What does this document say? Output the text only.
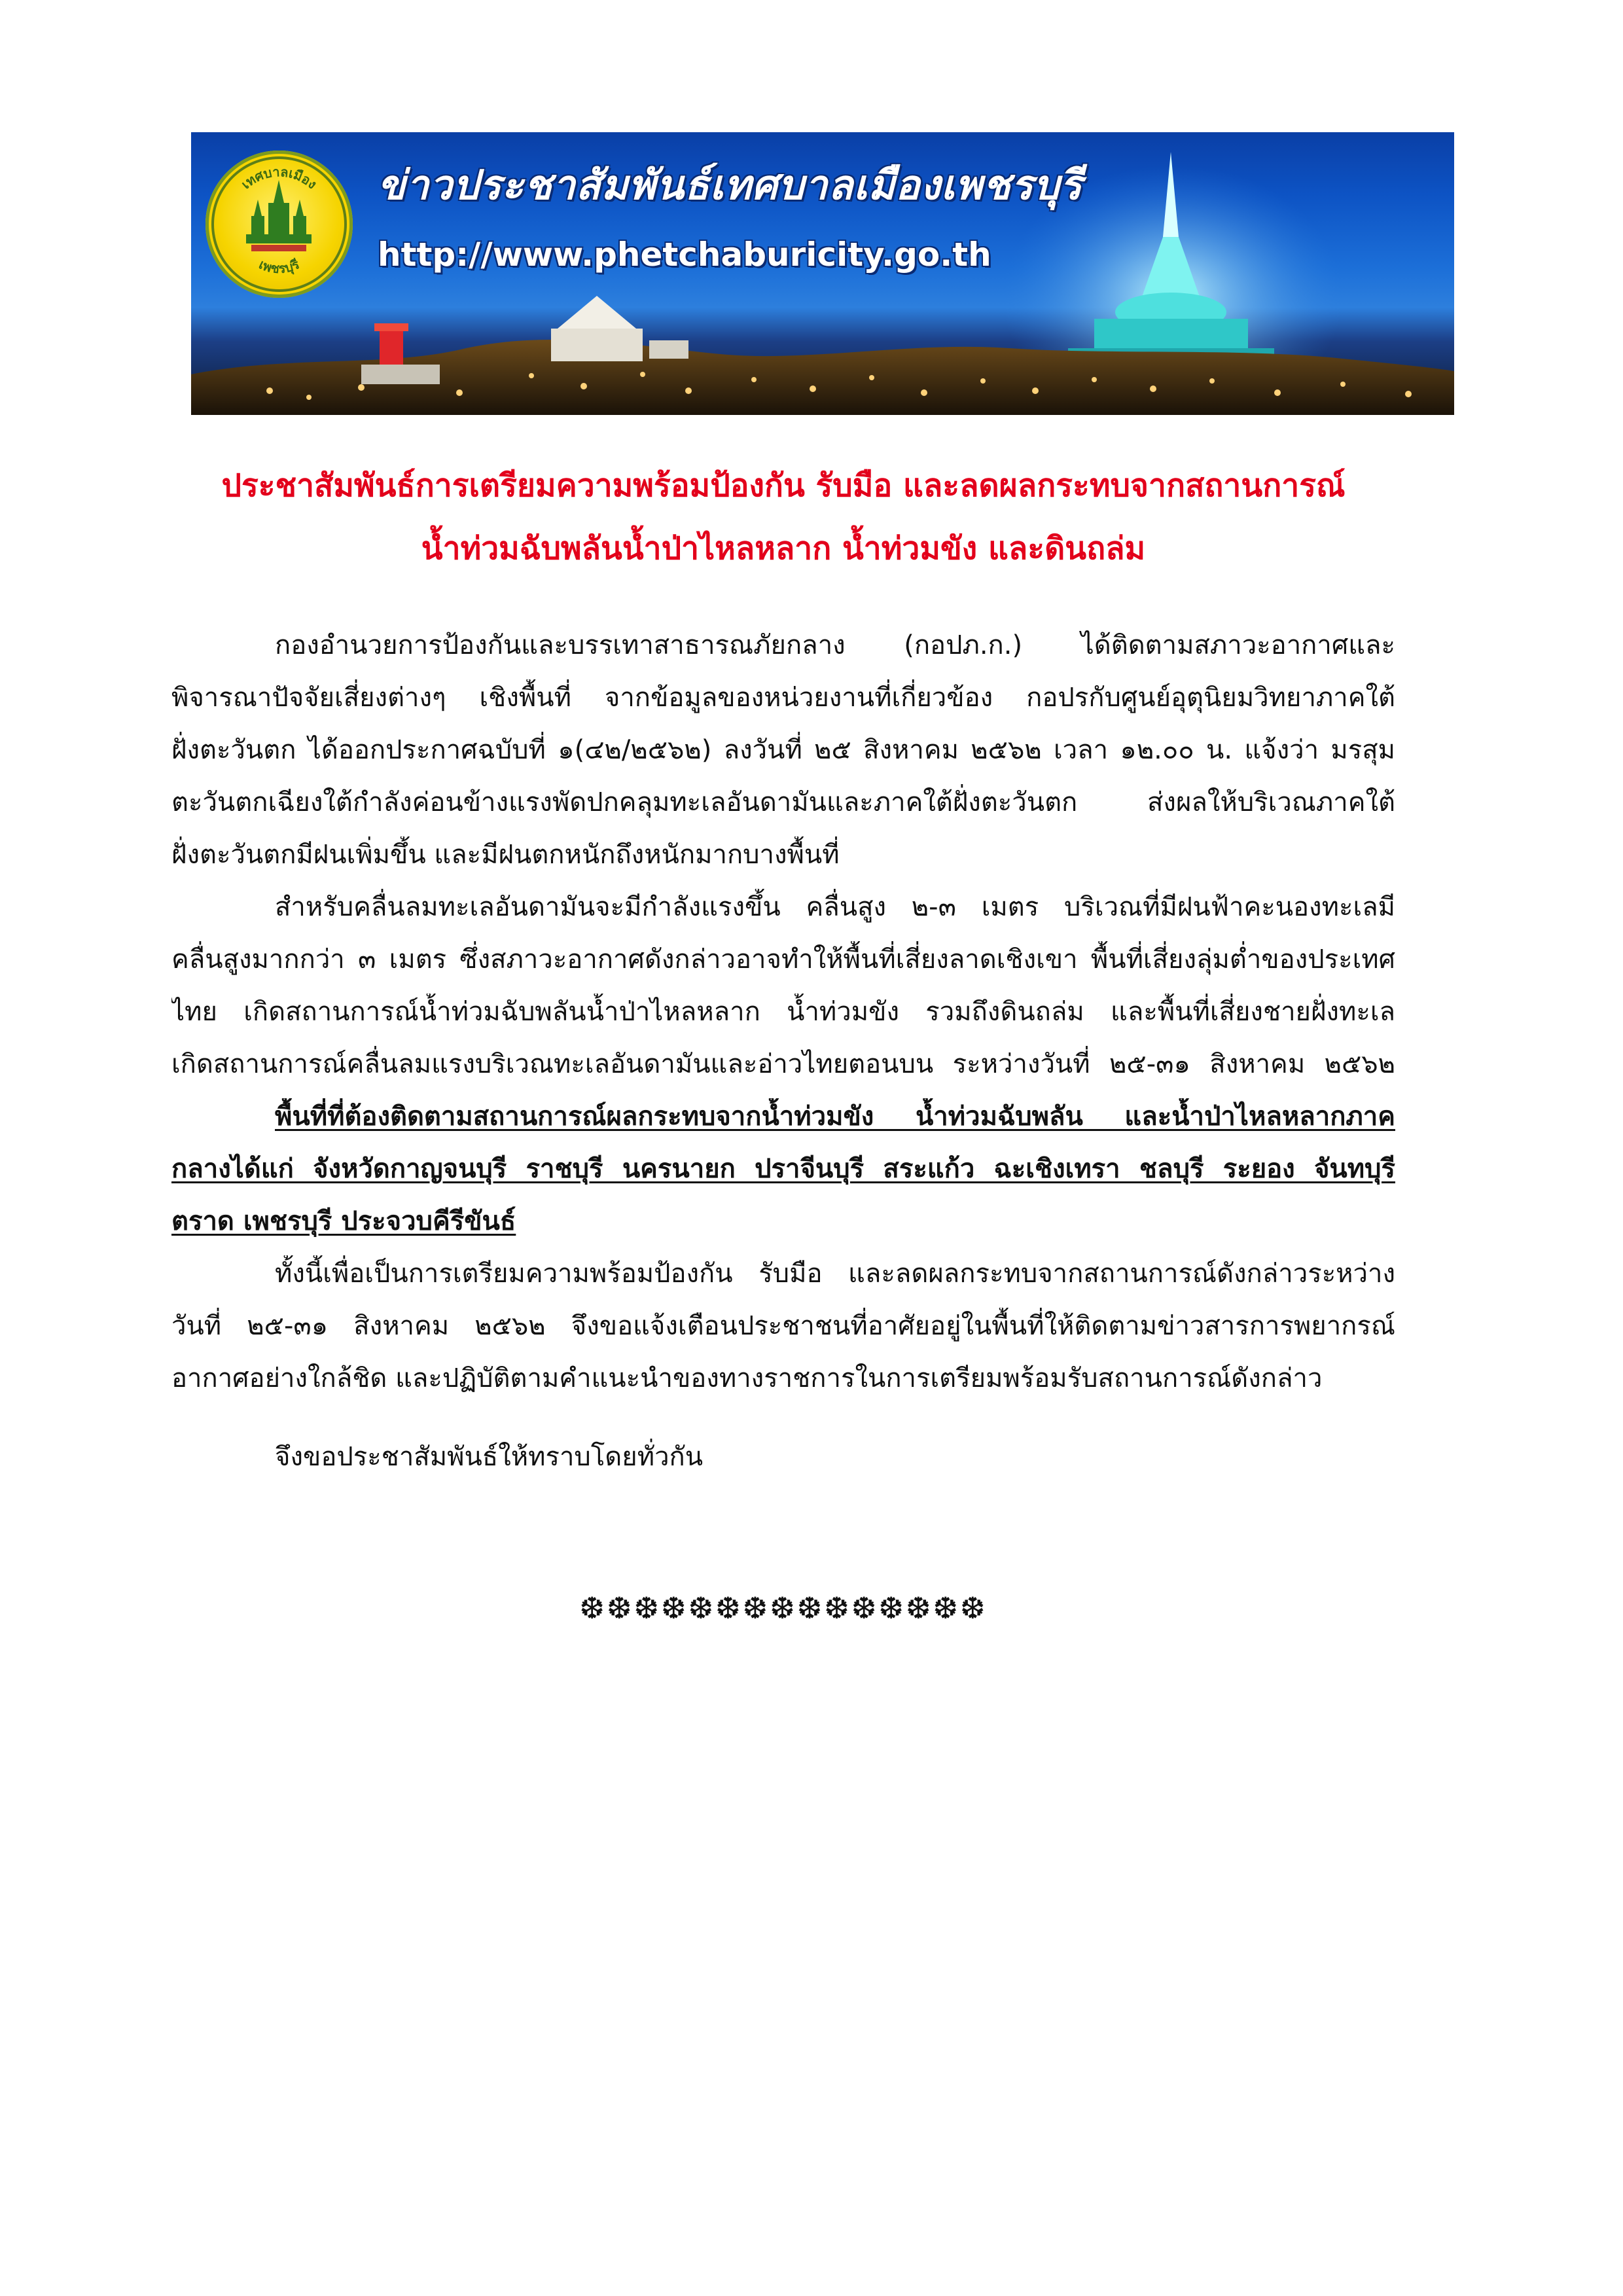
เทศบาลเมือง
เพชรบุรี

ข่าวประชาสัมพันธ์เทศบาลเมืองเพชรบุรี

http://www.phetchaburicity.go.th

ประชาสัมพันธ์การเตรียมความพร้อมป้องกัน รับมือ และลดผลกระทบจากสถานการณ์
น้ำท่วมฉับพลันน้ำป่าไหลหลาก น้ำท่วมขัง และดินถล่ม

กองอำนวยการป้องกันและบรรเทาสาธารณภัยกลาง (กอปภ.ก.) ได้ติดตามสภาวะอากาศและ

พิจารณาปัจจัยเสี่ยงต่างๆ เชิงพื้นที่ จากข้อมูลของหน่วยงานที่เกี่ยวข้อง กอปรกับศูนย์อุตุนิยมวิทยาภาคใต้

ฝั่งตะวันตก ได้ออกประกาศฉบับที่ ๑(๔๒/๒๕๖๒) ลงวันที่ ๒๕ สิงหาคม ๒๕๖๒ เวลา ๑๒.๐๐ น. แจ้งว่า มรสุม

ตะวันตกเฉียงใต้กำลังค่อนข้างแรงพัดปกคลุมทะเลอันดามันและภาคใต้ฝั่งตะวันตก ส่งผลให้บริเวณภาคใต้

ฝั่งตะวันตกมีฝนเพิ่มขึ้น และมีฝนตกหนักถึงหนักมากบางพื้นที่

สำหรับคลื่นลมทะเลอันดามันจะมีกำลังแรงขึ้น คลื่นสูง ๒-๓ เมตร บริเวณที่มีฝนฟ้าคะนองทะเลมี

คลื่นสูงมากกว่า ๓ เมตร ซึ่งสภาวะอากาศดังกล่าวอาจทำให้พื้นที่เสี่ยงลาดเชิงเขา พื้นที่เสี่ยงลุ่มต่ำของประเทศ

ไทย เกิดสถานการณ์น้ำท่วมฉับพลันน้ำป่าไหลหลาก น้ำท่วมขัง รวมถึงดินถล่ม และพื้นที่เสี่ยงชายฝั่งทะเล

เกิดสถานการณ์คลื่นลมแรงบริเวณทะเลอันดามันและอ่าวไทยตอนบน ระหว่างวันที่ ๒๕-๓๑ สิงหาคม ๒๕๖๒

พื้นที่ที่ต้องติดตามสถานการณ์ผลกระทบจากน้ำท่วมขัง น้ำท่วมฉับพลัน และน้ำป่าไหลหลากภาค

กลางได้แก่ จังหวัดกาญจนบุรี ราชบุรี นครนายก ปราจีนบุรี สระแก้ว ฉะเชิงเทรา ชลบุรี ระยอง จันทบุรี

ตราด เพชรบุรี ประจวบคีรีขันธ์

ทั้งนี้เพื่อเป็นการเตรียมความพร้อมป้องกัน รับมือ และลดผลกระทบจากสถานการณ์ดังกล่าวระหว่าง

วันที่ ๒๕-๓๑ สิงหาคม ๒๕๖๒ จึงขอแจ้งเตือนประชาชนที่อาศัยอยู่ในพื้นที่ให้ติดตามข่าวสารการพยากรณ์

อากาศอย่างใกล้ชิด และปฏิบัติตามคำแนะนำของทางราชการในการเตรียมพร้อมรับสถานการณ์ดังกล่าว

จึงขอประชาสัมพันธ์ให้ทราบโดยทั่วกัน

❆❆❆❆❆❆❆❆❆❆❆❆❆❆❆
